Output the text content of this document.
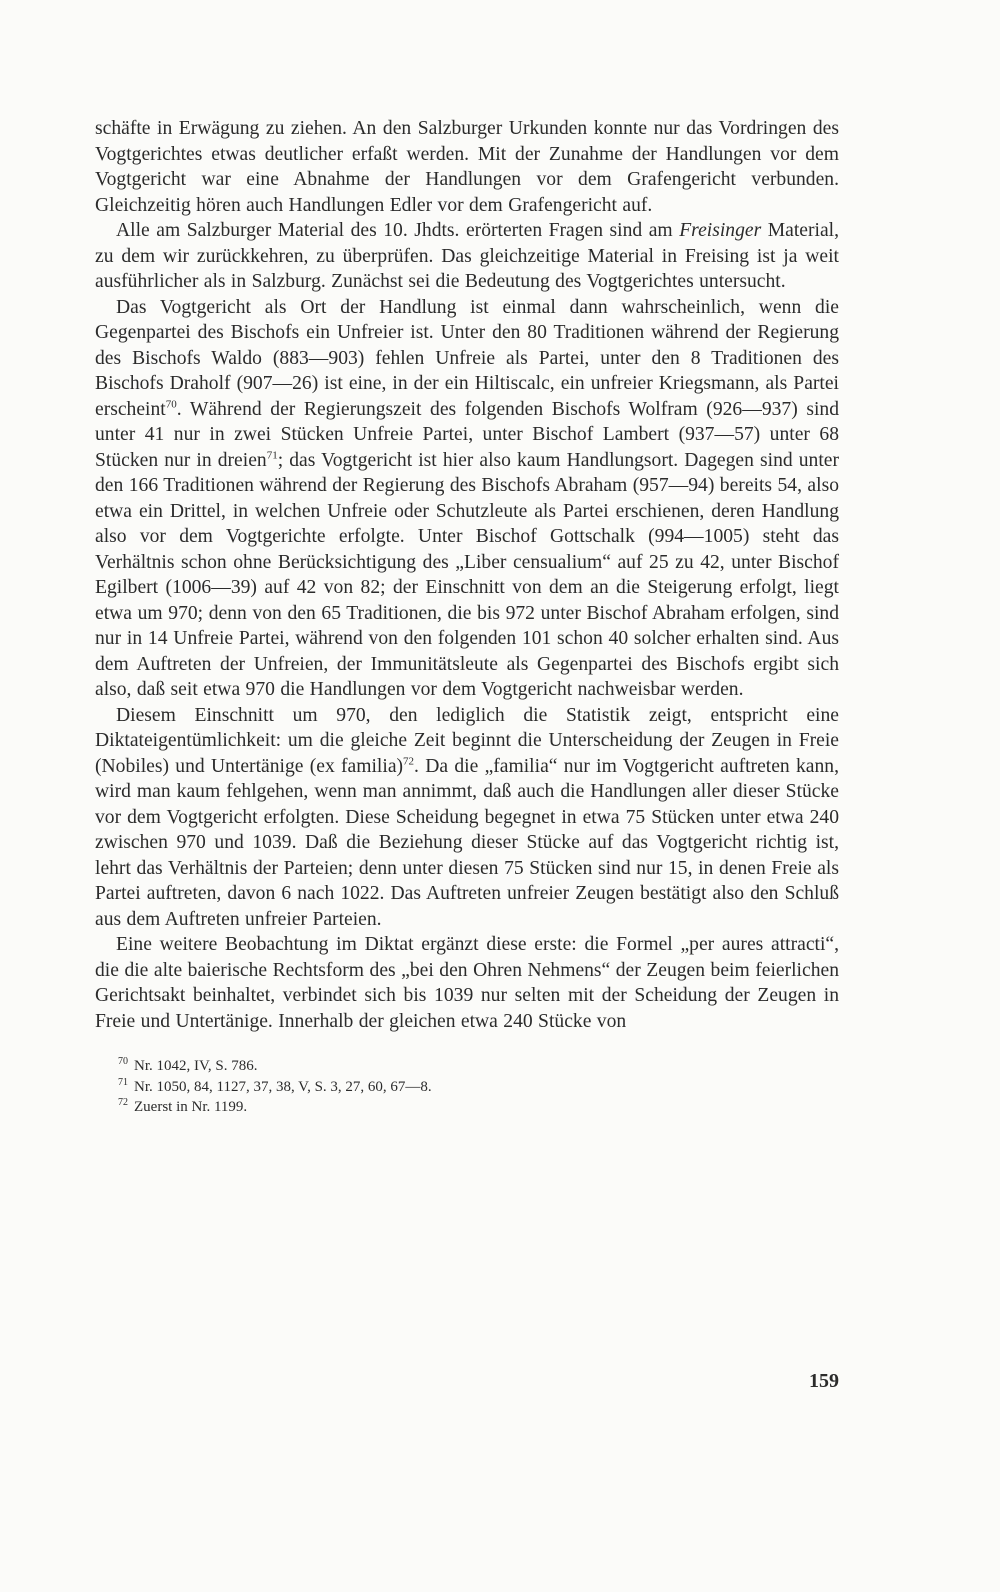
schäfte in Erwägung zu ziehen. An den Salzburger Urkunden konnte nur das Vordringen des Vogtgerichtes etwas deutlicher erfaßt werden. Mit der Zunahme der Handlungen vor dem Vogtgericht war eine Abnahme der Handlungen vor dem Grafengericht verbunden. Gleichzeitig hören auch Handlungen Edler vor dem Grafengericht auf.

Alle am Salzburger Material des 10. Jhdts. erörterten Fragen sind am Freisinger Material, zu dem wir zurückkehren, zu überprüfen. Das gleichzeitige Material in Freising ist ja weit ausführlicher als in Salzburg. Zunächst sei die Bedeutung des Vogtgerichtes untersucht.

Das Vogtgericht als Ort der Handlung ist einmal dann wahrscheinlich, wenn die Gegenpartei des Bischofs ein Unfreier ist. Unter den 80 Traditionen während der Regierung des Bischofs Waldo (883—903) fehlen Unfreie als Partei, unter den 8 Traditionen des Bischofs Draholf (907—26) ist eine, in der ein Hiltiscalc, ein unfreier Kriegsmann, als Partei erscheint$^{70}$. Während der Regierungszeit des folgenden Bischofs Wolfram (926—937) sind unter 41 nur in zwei Stücken Unfreie Partei, unter Bischof Lambert (937—57) unter 68 Stücken nur in dreien$^{71}$; das Vogtgericht ist hier also kaum Handlungsort. Dagegen sind unter den 166 Traditionen während der Regierung des Bischofs Abraham (957—94) bereits 54, also etwa ein Drittel, in welchen Unfreie oder Schutzleute als Partei erschienen, deren Handlung also vor dem Vogtgerichte erfolgte. Unter Bischof Gottschalk (994—1005) steht das Verhältnis schon ohne Berücksichtigung des „Liber censualium“ auf 25 zu 42, unter Bischof Egilbert (1006—39) auf 42 von 82; der Einschnitt von dem an die Steigerung erfolgt, liegt etwa um 970; denn von den 65 Traditionen, die bis 972 unter Bischof Abraham erfolgen, sind nur in 14 Unfreie Partei, während von den folgenden 101 schon 40 solcher erhalten sind. Aus dem Auftreten der Unfreien, der Immunitätsleute als Gegenpartei des Bischofs ergibt sich also, daß seit etwa 970 die Handlungen vor dem Vogtgericht nachweisbar werden.

Diesem Einschnitt um 970, den lediglich die Statistik zeigt, entspricht eine Diktateigentümlichkeit: um die gleiche Zeit beginnt die Unterscheidung der Zeugen in Freie (Nobiles) und Untertänige (ex familia)$^{72}$. Da die „familia“ nur im Vogtgericht auftreten kann, wird man kaum fehlgehen, wenn man annimmt, daß auch die Handlungen aller dieser Stücke vor dem Vogtgericht erfolgten. Diese Scheidung begegnet in etwa 75 Stücken unter etwa 240 zwischen 970 und 1039. Daß die Beziehung dieser Stücke auf das Vogtgericht richtig ist, lehrt das Verhältnis der Parteien; denn unter diesen 75 Stücken sind nur 15, in denen Freie als Partei auftreten, davon 6 nach 1022. Das Auftreten unfreier Zeugen bestätigt also den Schluß aus dem Auftreten unfreier Parteien.

Eine weitere Beobachtung im Diktat ergänzt diese erste: die Formel „per aures attracti“, die die alte baierische Rechtsform des „bei den Ohren Nehmens“ der Zeugen beim feierlichen Gerichtsakt beinhaltet, verbindet sich bis 1039 nur selten mit der Scheidung der Zeugen in Freie und Untertänige. Innerhalb der gleichen etwa 240 Stücke von

$^{70}$ Nr. 1042, IV, S. 786.

$^{71}$ Nr. 1050, 84, 1127, 37, 38, V, S. 3, 27, 60, 67—8.

$^{72}$ Zuerst in Nr. 1199.

159
